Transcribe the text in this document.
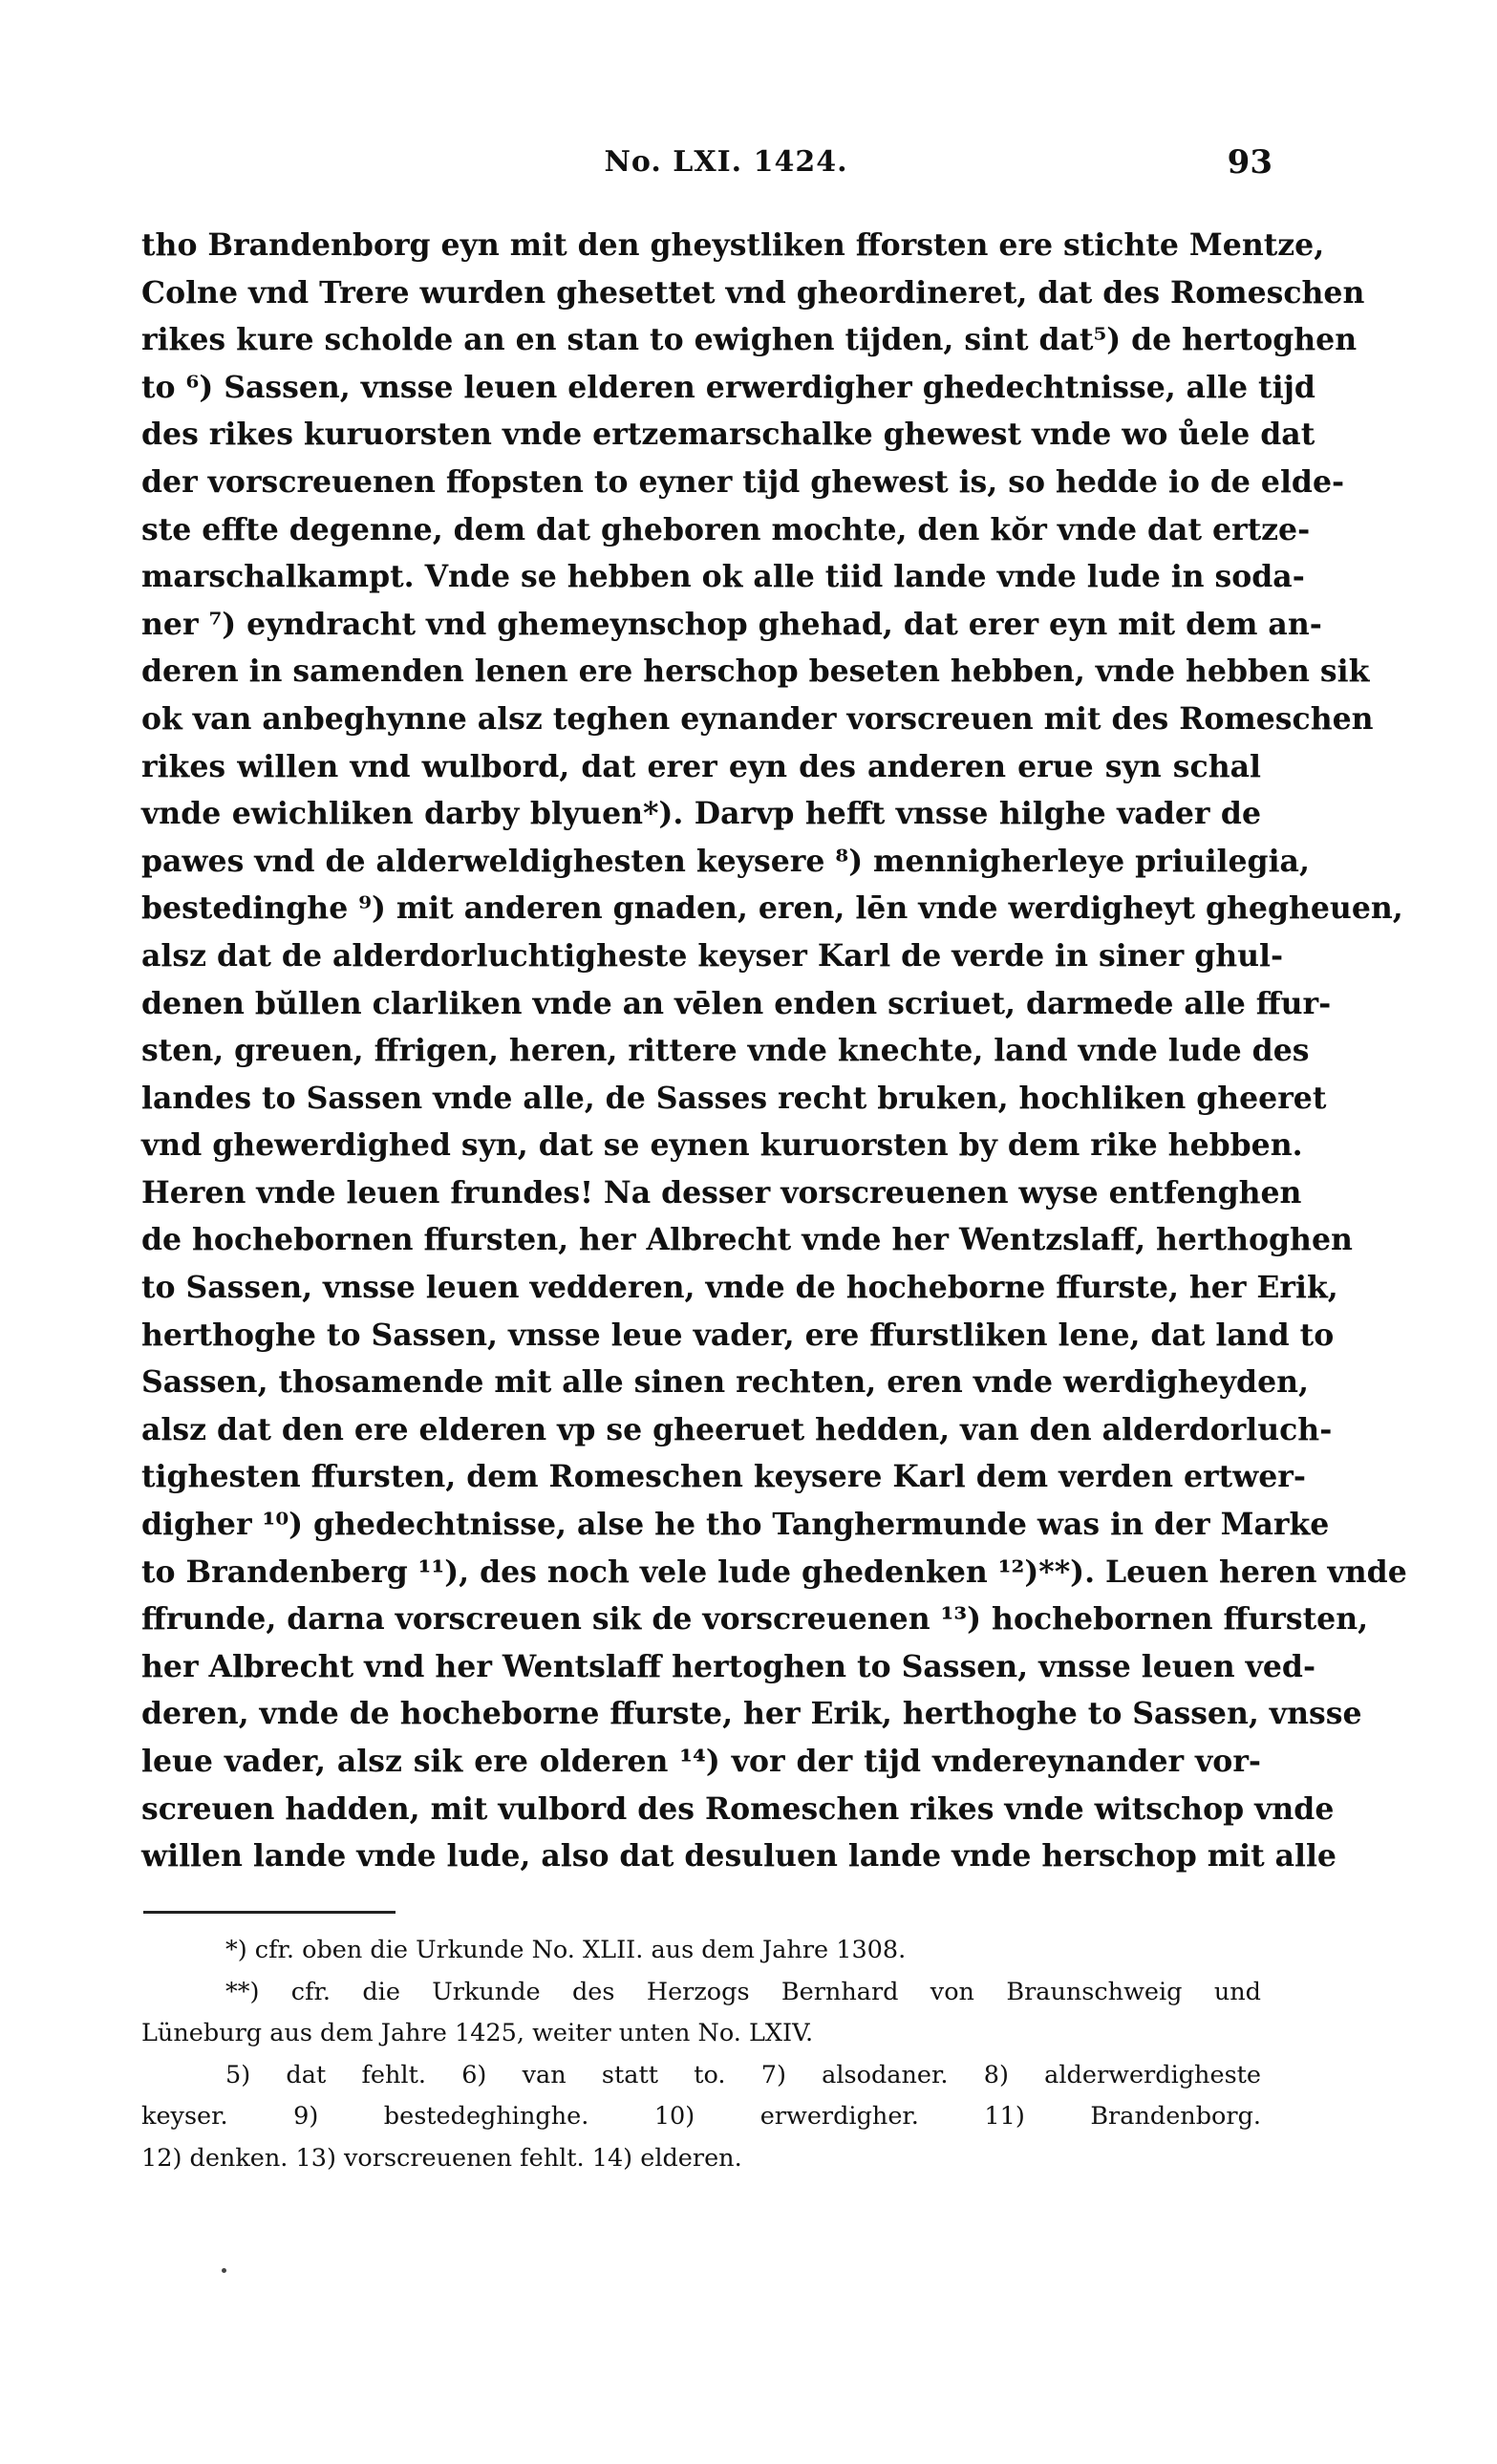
No. LXI. 1424.	93
tho Brandenborg eyn mit den gheystliken fforsten ere stichte Mentze,
Colne vnd Trere wurden ghesettet vnd gheordineret, dat des Romeschen
rikes kure scholde an en stan to ewighen tijden, sint dat⁵) de hertoghen
to ⁶) Sassen, vnsse leuen elderen erwerdigher ghedechtnisse, alle tijd
des rikes kuruorsten vnde ertzemarschalke ghewest vnde wo ůele dat
der vorscreuenen ffорsten to eyner tijd ghewest is, so hedde io de elde-
ste effte degenne, dem dat gheboren mochte, den kŏr vnde dat ertze-
marschalkampt. Vnde se hebben ok alle tiid lande vnde lude in soda-
ner ⁷) eyndracht vnd ghemeynschop ghehad, dat erer eyn mit dem an-
deren in samenden lenen ere herschop beseten hebben, vnde hebben sik
ok van anbeghynne alsz teghen eynander vorscreuen mit des Romeschen
rikes willen vnd wulbord, dat erer eyn des anderen erue syn schal
vnde ewichliken darby blyuen*). Darvp hefft vnsse hilghe vader de
pawes vnd de alderweldighesten keysere ⁸) mennigherleye priuilegia,
bestedinghe ⁹) mit anderen gnaden, eren, lēn vnde werdigheyt ghegheuen,
alsz dat de alderdorluchtigheste keyser Karl de verde in siner ghul-
denen bŭllen clarliken vnde an vēlen enden scriuet, darmede alle ffur-
sten, greuen, ffrigen, heren, rittere vnde knechte, land vnde lude des
landes to Sassen vnde alle, de Sasses recht bruken, hochliken gheeret
vnd ghewerdighed syn, dat se eynen kuruorsten by dem rike hebben.
Heren vnde leuen frundes! Na desser vorscreuenen wyse entfenghen
de hochebornen ffursten, her Albrecht vnde her Wentzslaff, herthoghen
to Sassen, vnsse leuen vedderen, vnde de hocheborne ffurste, her Erik,
herthoghe to Sassen, vnsse leue vader, ere ffurstliken lene, dat land to
Sassen, thosamende mit alle sinen rechten, eren vnde werdigheyden,
alsz dat den ere elderen vp se gheeruet hedden, van den alderdorluch-
tighesten ffursten, dem Romeschen keysere Karl dem verden ertwer-
digher ¹⁰) ghedechtnisse, alse he tho Tanghermunde was in der Marke
to Brandenberg ¹¹), des noch vele lude ghedenken ¹²)**). Leuen heren vnde
ffrunde, darna vorscreuen sik de vorscreuenen ¹³) hochebornen ffursten,
her Albrecht vnd her Wentslaff hertoghen to Sassen, vnsse leuen ved-
deren, vnde de hocheborne ffurste, her Erik, herthoghe to Sassen, vnsse
leue vader, alsz sik ere olderen ¹⁴) vor der tijd vndereynander vor-
screuen hadden, mit vulbord des Romeschen rikes vnde witschop vnde
willen lande vnde lude, also dat desuluen lande vnde herschop mit alle
*) cfr. oben die Urkunde No. XLII. aus dem Jahre 1308.
**) cfr. die Urkunde des Herzogs Bernhard von Braunschweig und
Lüneburg aus dem Jahre 1425, weiter unten No. LXIV.
5) dat fehlt. 6) van statt to. 7) alsodaner. 8) alderwerdigheste
keyser. 9) bestedeghinghe. 10) erwerdigher. 11) Brandenborg.
12) denken. 13) vorscreuenen fehlt. 14) elderen.
